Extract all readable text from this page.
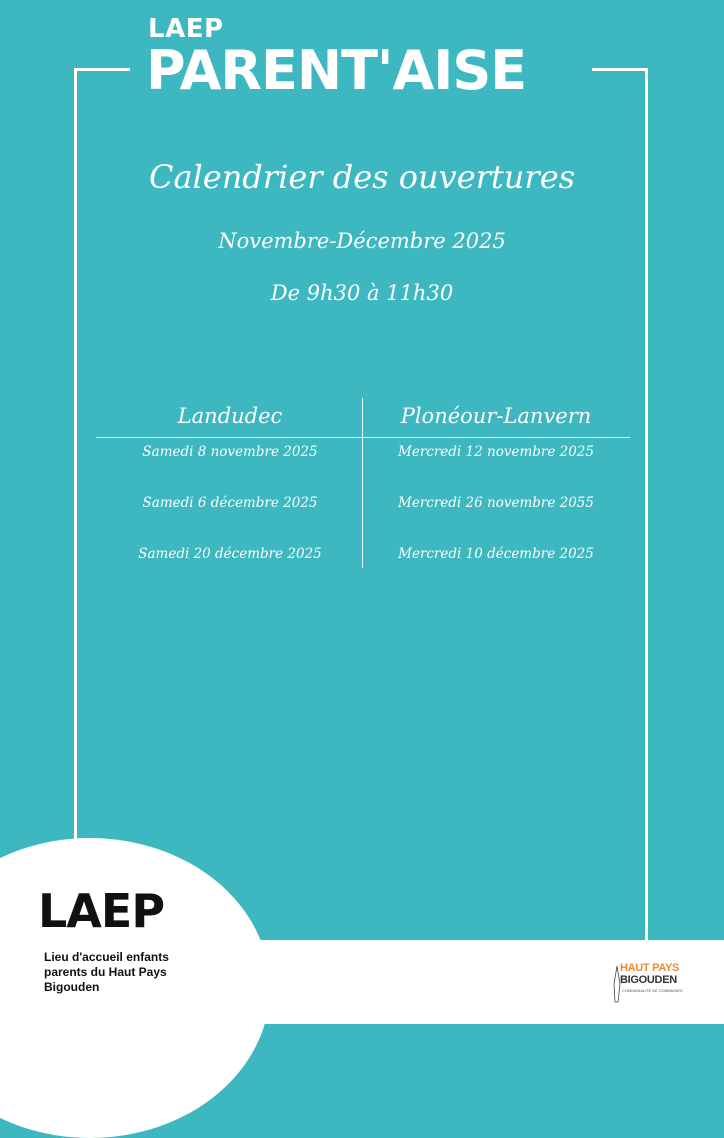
LAEP
PARENT'AISE
Calendrier des ouvertures
Novembre-Décembre 2025
De 9h30 à 11h30
Landudec	Plonéour-Lanvern
Samedi 8 novembre 2025
Samedi 6 décembre 2025
Samedi 20 décembre 2025
Mercredi 12 novembre 2025
Mercredi 26 novembre 2055
Mercredi 10 décembre 2025
LAEP
Lieu d'accueil enfants parents du Haut Pays Bigouden
HAUT PAYS
BIGOUDEN
COMMUNAUTÉ DE COMMUNES
